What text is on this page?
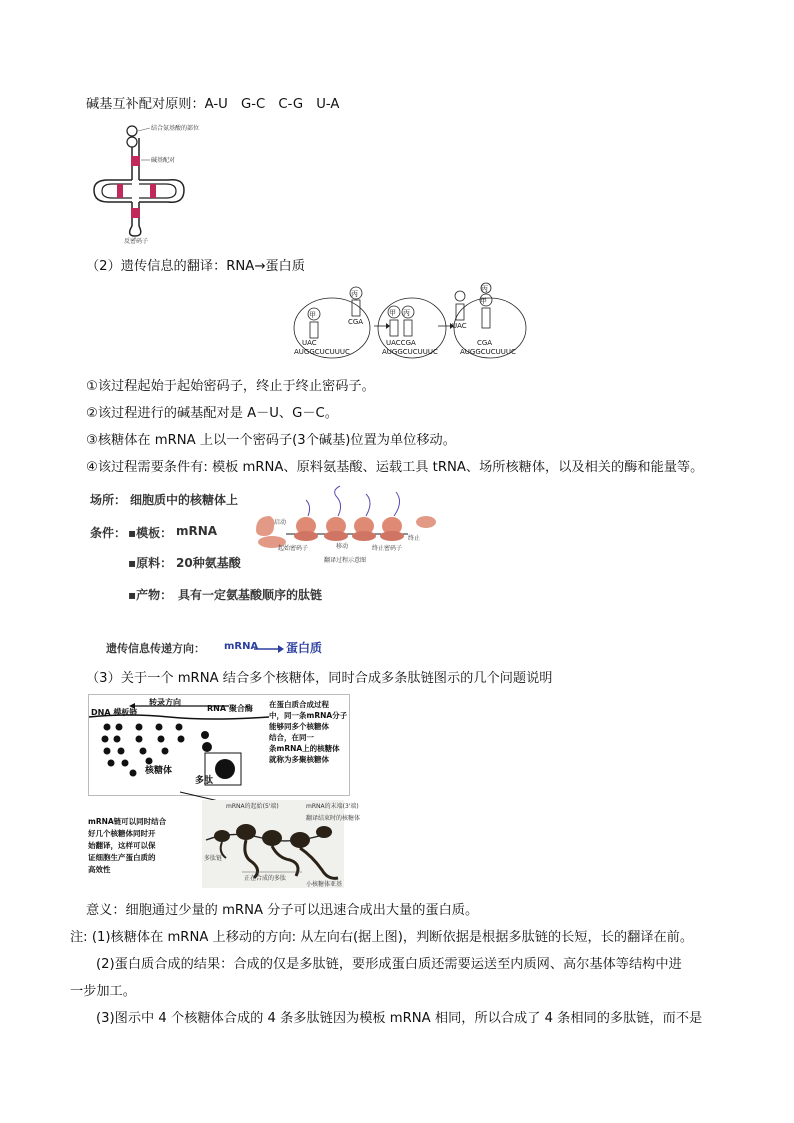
碱基互补配对原则：A-U　G-C　C-G　U-A
结合氨基酸的部位
碱基配对
反密码子
（2）遗传信息的翻译：RNA→蛋白质
甲
丙
CGA
UAC
AUGGCUCUUUC
甲 丙
UACCGA
AUGGCUCUUUC
UAC
甲
丙
CGA
AUGGCUCUUUC
①该过程起始于起始密码子，终止于终止密码子。
②该过程进行的碱基配对是 A－U、G－C。
③核糖体在 mRNA 上以一个密码子(3个碱基)位置为单位移动。
④该过程需要条件有: 模板 mRNA、原料氨基酸、运载工具 tRNA、场所核糖体，以及相关的酶和能量等。
场所： 细胞质中的核糖体上
条件： ▪模板： mRNA
▪原料： 20种氨基酸
▪产物： 具有一定氨基酸顺序的肽链
启动
起始密码子	移动	终止密码子
终止
翻译过程示意图
遗传信息传递方向： mRNA 蛋白质
（3）关于一个 mRNA 结合多个核糖体，同时合成多条肽链图示的几个问题说明
转录方向
DNA 模板链	RNA 聚合酶
核糖体
多肽
在蛋白质合成过程
中，同一条mRNA分子
能够同多个核糖体
结合，在同一
条mRNA上的核糖体
就称为多聚核糖体
mRNA链可以同时结合
好几个核糖体同时开
始翻译，这样可以保
证细胞生产蛋白质的
高效性
mRNA的起始(5'端)	mRNA的末端(3'端)
翻译结束时的核糖体
多肽链
正在合成的多肽
小核糖体亚基
意义：细胞通过少量的 mRNA 分子可以迅速合成出大量的蛋白质。
注: (1)核糖体在 mRNA 上移动的方向: 从左向右(据上图)，判断依据是根据多肽链的长短，长的翻译在前。
(2)蛋白质合成的结果：合成的仅是多肽链，要形成蛋白质还需要运送至内质网、高尔基体等结构中进
一步加工。
(3)图示中 4 个核糖体合成的 4 条多肽链因为模板 mRNA 相同，所以合成了 4 条相同的多肽链，而不是
